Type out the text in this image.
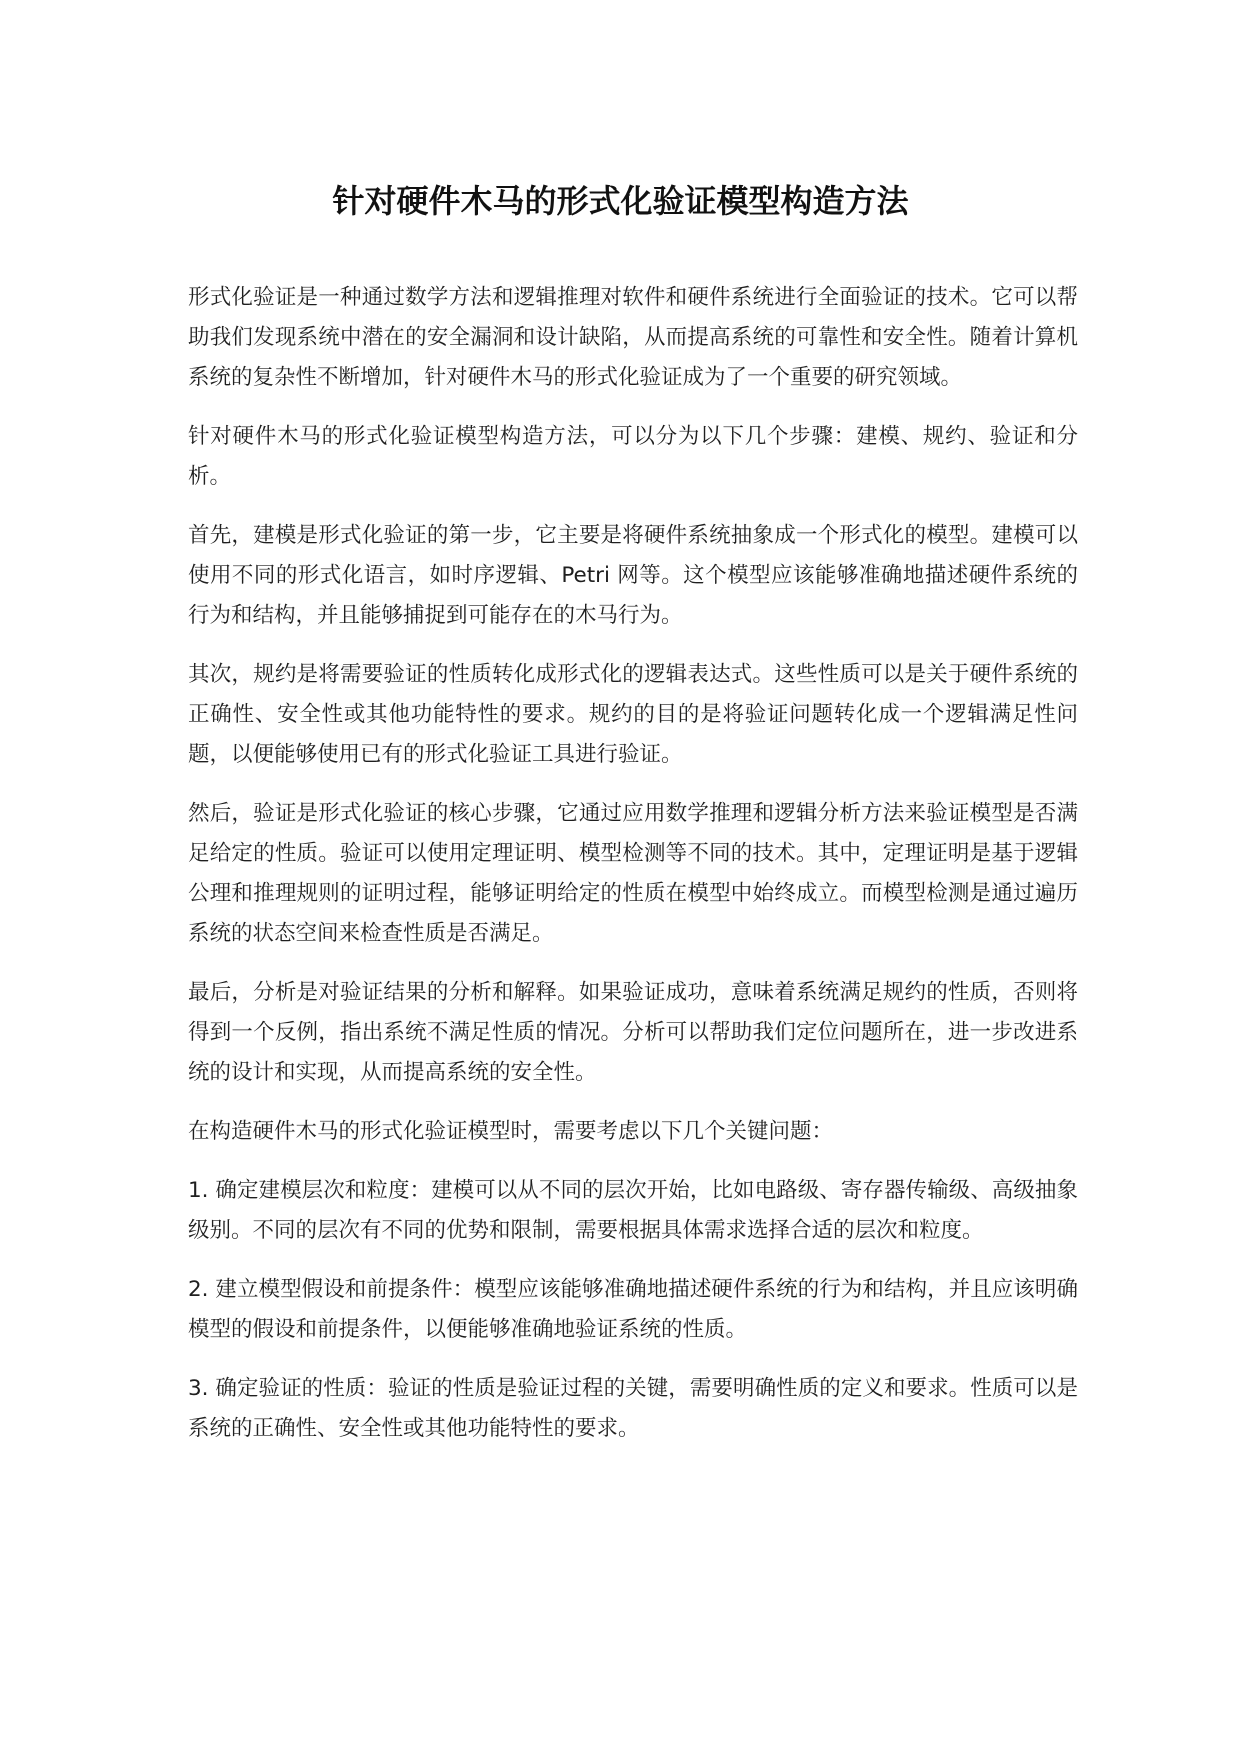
针对硬件木马的形式化验证模型构造方法

形式化验证是一种通过数学方法和逻辑推理对软件和硬件系统进行全面验证的技术。它可以帮助我们发现系统中潜在的安全漏洞和设计缺陷，从而提高系统的可靠性和安全性。随着计算机系统的复杂性不断增加，针对硬件木马的形式化验证成为了一个重要的研究领域。

针对硬件木马的形式化验证模型构造方法，可以分为以下几个步骤：建模、规约、验证和分析。

首先，建模是形式化验证的第一步，它主要是将硬件系统抽象成一个形式化的模型。建模可以使用不同的形式化语言，如时序逻辑、Petri 网等。这个模型应该能够准确地描述硬件系统的行为和结构，并且能够捕捉到可能存在的木马行为。

其次，规约是将需要验证的性质转化成形式化的逻辑表达式。这些性质可以是关于硬件系统的正确性、安全性或其他功能特性的要求。规约的目的是将验证问题转化成一个逻辑满足性问题，以便能够使用已有的形式化验证工具进行验证。

然后，验证是形式化验证的核心步骤，它通过应用数学推理和逻辑分析方法来验证模型是否满足给定的性质。验证可以使用定理证明、模型检测等不同的技术。其中，定理证明是基于逻辑公理和推理规则的证明过程，能够证明给定的性质在模型中始终成立。而模型检测是通过遍历系统的状态空间来检查性质是否满足。

最后，分析是对验证结果的分析和解释。如果验证成功，意味着系统满足规约的性质，否则将得到一个反例，指出系统不满足性质的情况。分析可以帮助我们定位问题所在，进一步改进系统的设计和实现，从而提高系统的安全性。

在构造硬件木马的形式化验证模型时，需要考虑以下几个关键问题：

1. 确定建模层次和粒度：建模可以从不同的层次开始，比如电路级、寄存器传输级、高级抽象级别。不同的层次有不同的优势和限制，需要根据具体需求选择合适的层次和粒度。

2. 建立模型假设和前提条件：模型应该能够准确地描述硬件系统的行为和结构，并且应该明确模型的假设和前提条件，以便能够准确地验证系统的性质。

3. 确定验证的性质：验证的性质是验证过程的关键，需要明确性质的定义和要求。性质可以是系统的正确性、安全性或其他功能特性的要求。
